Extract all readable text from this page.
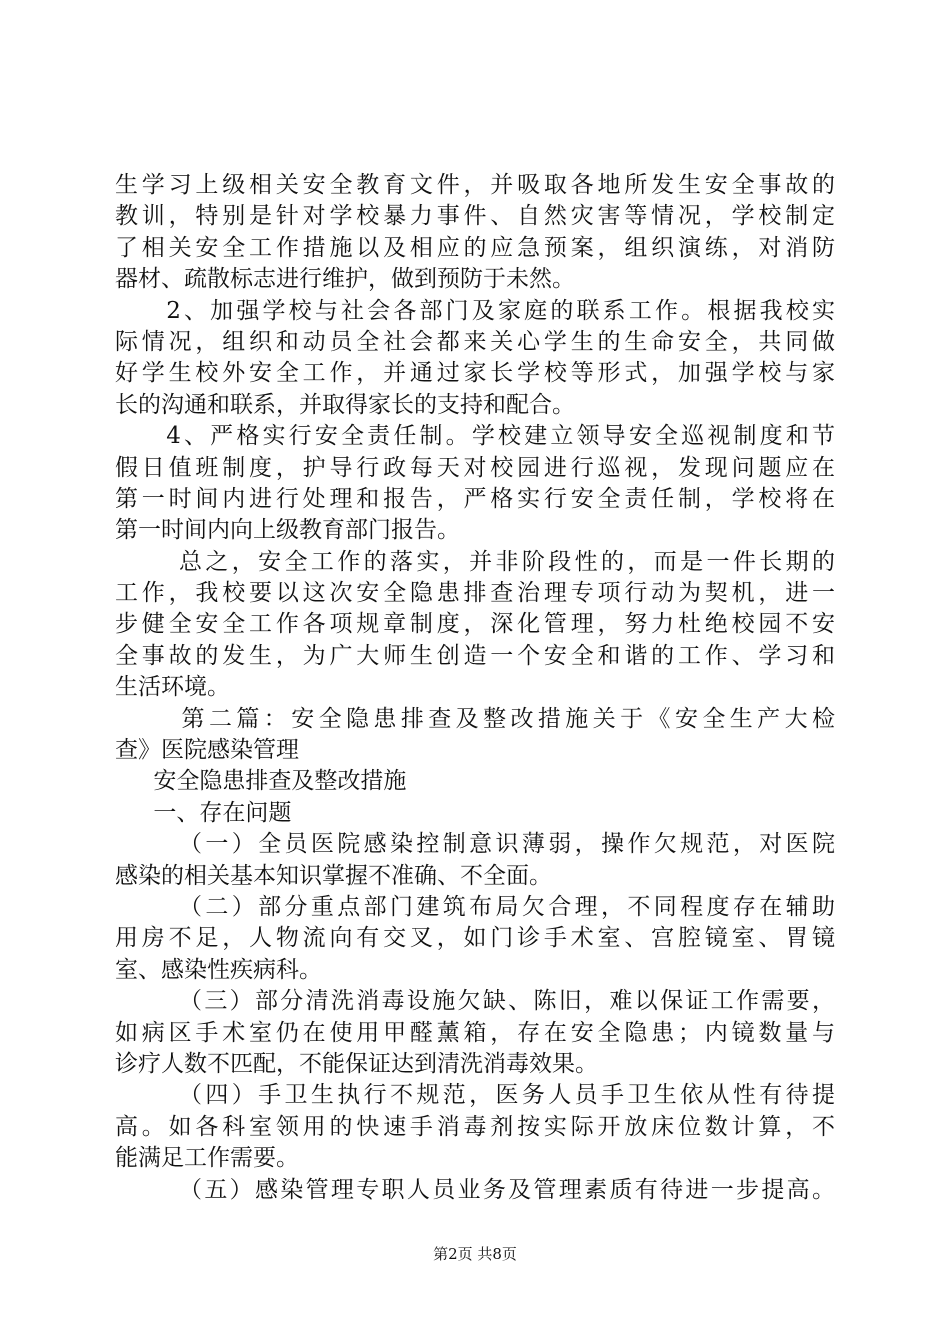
生学习上级相关安全教育文件，并吸取各地所发生安全事故的
教训，特别是针对学校暴力事件、自然灾害等情况，学校制定
了相关安全工作措施以及相应的应急预案，组织演练，对消防
器材、疏散标志进行维护，做到预防于未然。
2、加强学校与社会各部门及家庭的联系工作。根据我校实
际情况，组织和动员全社会都来关心学生的生命安全，共同做
好学生校外安全工作，并通过家长学校等形式，加强学校与家
长的沟通和联系，并取得家长的支持和配合。
4、严格实行安全责任制。学校建立领导安全巡视制度和节
假日值班制度，护导行政每天对校园进行巡视，发现问题应在
第一时间内进行处理和报告，严格实行安全责任制，学校将在
第一时间内向上级教育部门报告。
总之，安全工作的落实，并非阶段性的，而是一件长期的
工作，我校要以这次安全隐患排查治理专项行动为契机，进一
步健全安全工作各项规章制度，深化管理，努力杜绝校园不安
全事故的发生，为广大师生创造一个安全和谐的工作、学习和
生活环境。
第二篇：安全隐患排查及整改措施关于《安全生产大检
查》医院感染管理
安全隐患排查及整改措施
一、存在问题
（一）全员医院感染控制意识薄弱，操作欠规范，对医院
感染的相关基本知识掌握不准确、不全面。
（二）部分重点部门建筑布局欠合理，不同程度存在辅助
用房不足，人物流向有交叉，如门诊手术室、宫腔镜室、胃镜
室、感染性疾病科。
（三）部分清洗消毒设施欠缺、陈旧，难以保证工作需要，
如病区手术室仍在使用甲醛薰箱，存在安全隐患；内镜数量与
诊疗人数不匹配，不能保证达到清洗消毒效果。
（四）手卫生执行不规范，医务人员手卫生依从性有待提
高。如各科室领用的快速手消毒剂按实际开放床位数计算，不
能满足工作需要。
（五）感染管理专职人员业务及管理素质有待进一步提高。
第2页 共8页
